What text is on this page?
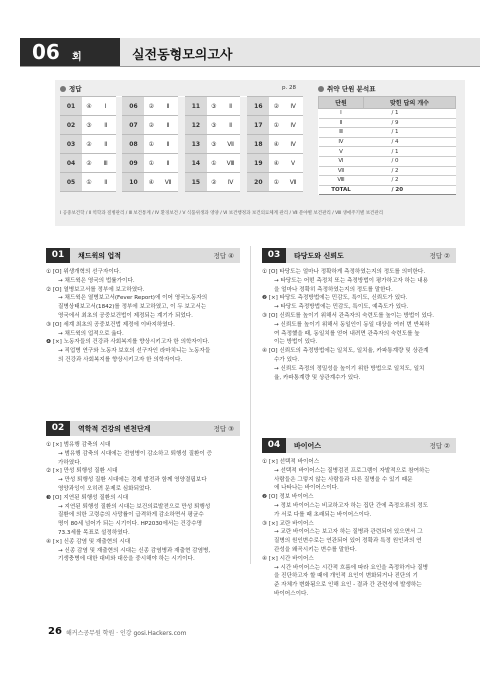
06 회	실전동형모의고사
정답	p. 28
01	④	Ⅰ		06	②	Ⅱ		11	③	Ⅱ		16	②	Ⅳ
02	③	Ⅱ		07	②	Ⅱ		12	③	Ⅱ		17	①	Ⅳ
03	②	Ⅱ		08	①	Ⅱ		13	③	Ⅶ		18	④	Ⅳ
04	②	Ⅲ		09	①	Ⅱ		14	①	Ⅷ		19	④	Ⅴ
05	①	Ⅱ		10	④	Ⅶ		15	②	Ⅳ		20	①	Ⅶ
취약 단원 분석표
단원	맞힌 답의 개수
Ⅰ	/ 1
Ⅱ	/ 9
Ⅲ	/ 1
Ⅳ	/ 4
Ⅴ	/ 1
Ⅵ	/ 0
Ⅶ	/ 2
Ⅷ	/ 2
TOTAL	/ 20
Ⅰ 공중보건학 / Ⅱ 역학과 질병관리 / Ⅲ 보건통계 / Ⅳ 환경보건 / Ⅴ 식품위생과 영양 / Ⅵ 보건행정과 보건의료체계 관리 / Ⅶ 분야별 보건관리 / Ⅷ 생애주기별 보건관리
01	채드윅의 업적	정답 ④
① [O] 위생개혁의 선구자이다.
→ 채드윅은 영국의 법률가이다.
② [O] 열병보고서를 정부에 보고하였다.
→ 채드윅은 열병보고서(Fever Report)에 이어 영국노동자의
질병상태보고서(1842)를 정부에 보고하였고, 이 두 보고서는
영국에서 최초의 공중보건법이 제정되는 계기가 되었다.
③ [O] 세계 최초의 공중보건법 제정에 이바지하였다.
→ 채드윅의 업적으로 옳다.
❹ [×] 노동자들의 건강과 사회복지를 향상시키고자 한 의학자이다.
→ 직업병 연구와 노동자 보호의 선구자인 라마치니는 노동자들
의 건강과 사회복지를 향상시키고자 한 의학자이다.
02	역학적 건강의 변천단계	정답 ③
① [×] 범유행 감축의 시대
→ 범유행 감축의 시대에는 전염병이 감소하고 퇴행성 질환이 증
가하였다.
② [×] 만성 퇴행성 질환 시대
→ 만성 퇴행성 질환 시대에는 경제 발전과 함께 영양결핍보다
영양과잉이 오히려 문제로 심화되었다.
❸ [O] 지연된 퇴행성 질환의 시대
→ 지연된 퇴행성 질환의 시대는 보건의료발전으로 만성 퇴행성
질환에 의한 고령층의 사망률이 급격하게 감소하면서 평균수
명이 80세 넘어가 되는 시기이다. HP2030에서는 건강수명
73.3세를 목표로 설정하였다.
④ [×] 신종 감염 및 재출현의 시대
→ 신종 감염 및 재출현의 시대는 신종 감염병과 재출현 감염병,
기생충병에 대한 대비와 대응을 중시해야 하는 시기이다.
03	타당도와 신뢰도	정답 ②
① [O] 타당도는 얼마나 정확하게 측정하였는지의 정도를 의미한다.
→ 타당도는 어떤 측정치 또는 측정방법이 평가하고자 하는 내용
을 얼마나 정확히 측정하였는지의 정도를 말한다.
❷ [×] 타당도 측정방법에는 민감도, 특이도, 신뢰도가 있다.
→ 타당도 측정방법에는 민감도, 특이도, 예측도가 있다.
③ [O] 신뢰도를 높이기 위해서 관측자의 숙련도를 높이는 방법이 있다.
→ 신뢰도를 높이기 위해서 동일인이 동일 대상을 여러 번 반복하
여 측정했을 때, 동일치를 얻어 내려면 관측자의 숙련도를 높
이는 방법이 있다.
④ [O] 신뢰도의 측정방법에는 일치도, 일치율, 카파통계량 및 상관계
수가 있다.
→ 신뢰도 측정의 정밀성을 높이기 위한 방법으로 일치도, 일치
율, 카파통계량 및 상관계수가 있다.
04	바이어스	정답 ②
① [×] 선택적 바이어스
→ 선택적 바이어스는 질병검진 프로그램이 자발적으로 참여하는
사람들은 그렇지 않는 사람들과 다른 질병을 수 있기 때문
에 나타나는 바이어스이다.
❷ [O] 정보 바이어스
→ 정보 바이어스는 비교하고자 하는 집단 간에 측정오류의 정도
가 서로 다를 때 초래되는 바이어스이다.
③ [×] 교란 바이어스
→ 교란 바이어스는 보고자 하는 질병과 관련되어 있으면서 그
질병의 원인변수로는 연관되어 있어 정확과 특정 원인과의 연
관성을 왜곡시키는 변수를 말한다.
④ [×] 시간 바이어스
→ 시간 바이어스는 시간적 흐름에 따라 요인을 측정하거나 질병
을 진단하고자 할 때에 개인적 요인이 변화되거나 진단의 기
준 자체가 변화됨으로 인해 요인 - 결과 간 관련성에 발생하는
바이어스이다.
26 해커스공무원 학원 · 인강 gosi.Hackers.com
